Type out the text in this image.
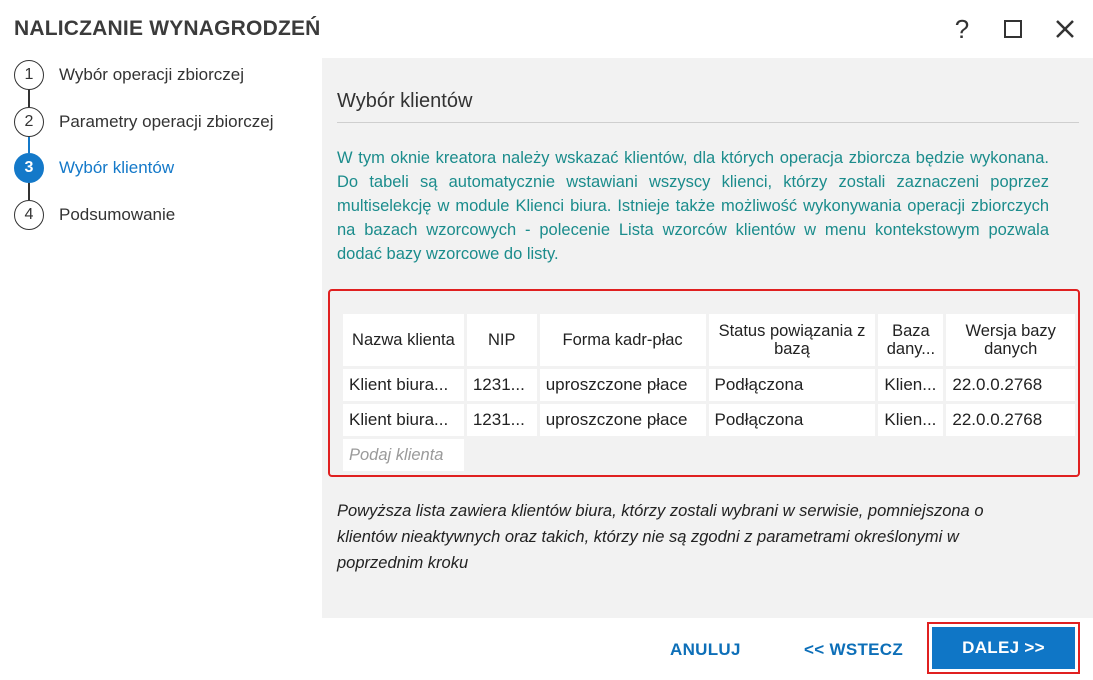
NALICZANIE WYNAGRODZEŃ	?
1	Wybór operacji zbiorczej
2	Parametry operacji zbiorczej
3	Wybór klientów
4	Podsumowanie
Wybór klientów
W tym oknie kreatora należy wskazać klientów, dla których operacja zbiorcza będzie wykonana. Do tabeli są automatycznie wstawiani wszyscy klienci, którzy zostali zaznaczeni poprzez multiselekcję w module Klienci biura. Istnieje także możliwość wykonywania operacji zbiorczych na bazach wzorcowych - polecenie Lista wzorców klientów w menu kontekstowym pozwala dodać bazy wzorcowe do listy.
Nazwa klienta	NIP	Forma kadr-płac	Status powiązania z bazą	Baza dany...	Wersja bazy danych
Klient biura...	1231...	uproszczone płace	Podłączona	Klien...	22.0.0.2768
Klient biura...	1231...	uproszczone płace	Podłączona	Klien...	22.0.0.2768
Podaj klienta					
Powyższa lista zawiera klientów biura, którzy zostali wybrani w serwisie, pomniejszona o klientów nieaktywnych oraz takich, którzy nie są zgodni z parametrami określonymi w poprzednim kroku
ANULUJ	<< WSTECZ	DALEJ >>
